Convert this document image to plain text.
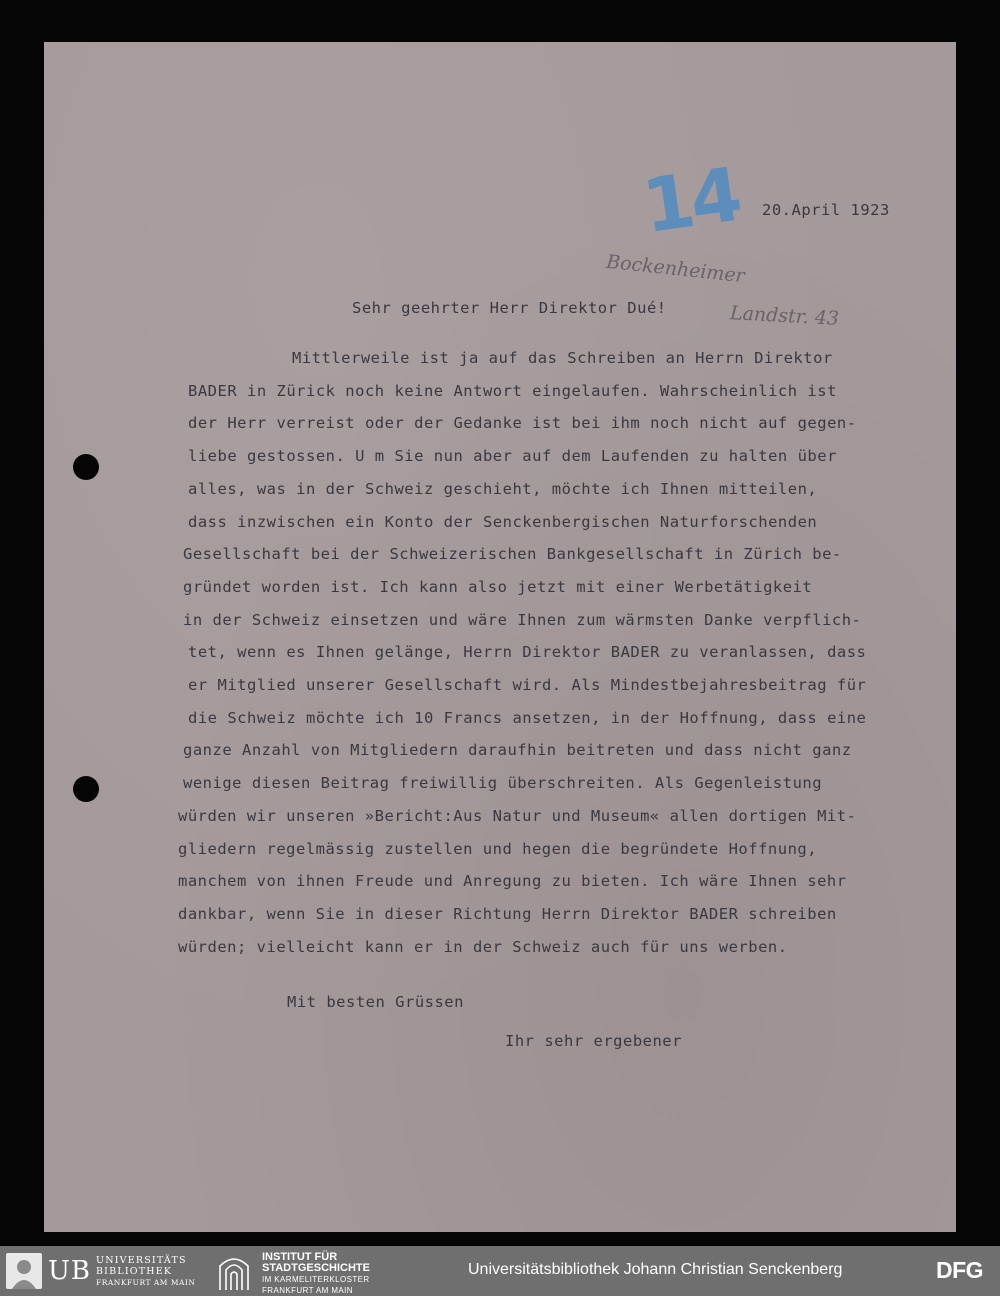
14 20.April 1923
Bockenheimer
Landstr. 43
Sehr geehrter Herr Direktor Dué!
Mittlerweile ist ja auf das Schreiben an Herrn Direktor
BADER in Zürick noch keine Antwort eingelaufen. Wahrscheinlich ist
der Herr verreist oder der Gedanke ist bei ihm noch nicht auf gegen-
liebe gestossen. U m Sie nun aber auf dem Laufenden zu halten über
alles, was in der Schweiz geschieht, möchte ich Ihnen mitteilen,
dass inzwischen ein Konto der Senckenbergischen Naturforschenden
Gesellschaft bei der Schweizerischen Bankgesellschaft in Zürich be-
gründet worden ist. Ich kann also jetzt mit einer Werbetätigkeit
in der Schweiz einsetzen und wäre Ihnen zum wärmsten Danke verpflich-
tet, wenn es Ihnen gelänge, Herrn Direktor BADER zu veranlassen, dass
er Mitglied unserer Gesellschaft wird. Als Mindestbejahresbeitrag für
die Schweiz möchte ich 10 Francs ansetzen, in der Hoffnung, dass eine
ganze Anzahl von Mitgliedern daraufhin beitreten und dass nicht ganz
wenige diesen Beitrag freiwillig überschreiten. Als Gegenleistung
würden wir unseren »Bericht:Aus Natur und Museum« allen dortigen Mit-
gliedern regelmässig zustellen und hegen die begründete Hoffnung,
manchem von ihnen Freude und Anregung zu bieten. Ich wäre Ihnen sehr
dankbar, wenn Sie in dieser Richtung Herrn Direktor BADER schreiben
würden; vielleicht kann er in der Schweiz auch für uns werben.
Mit besten Grüssen
Ihr sehr ergebener
UB UNIVERSITÄTS
BIBLIOTHEK
FRANKFURT AM MAIN
INSTITUT FÜR
STADTGESCHICHTE
IM KARMELITERKLOSTER
FRANKFURT AM MAIN
Universitätsbibliothek Johann Christian Senckenberg	DFG
